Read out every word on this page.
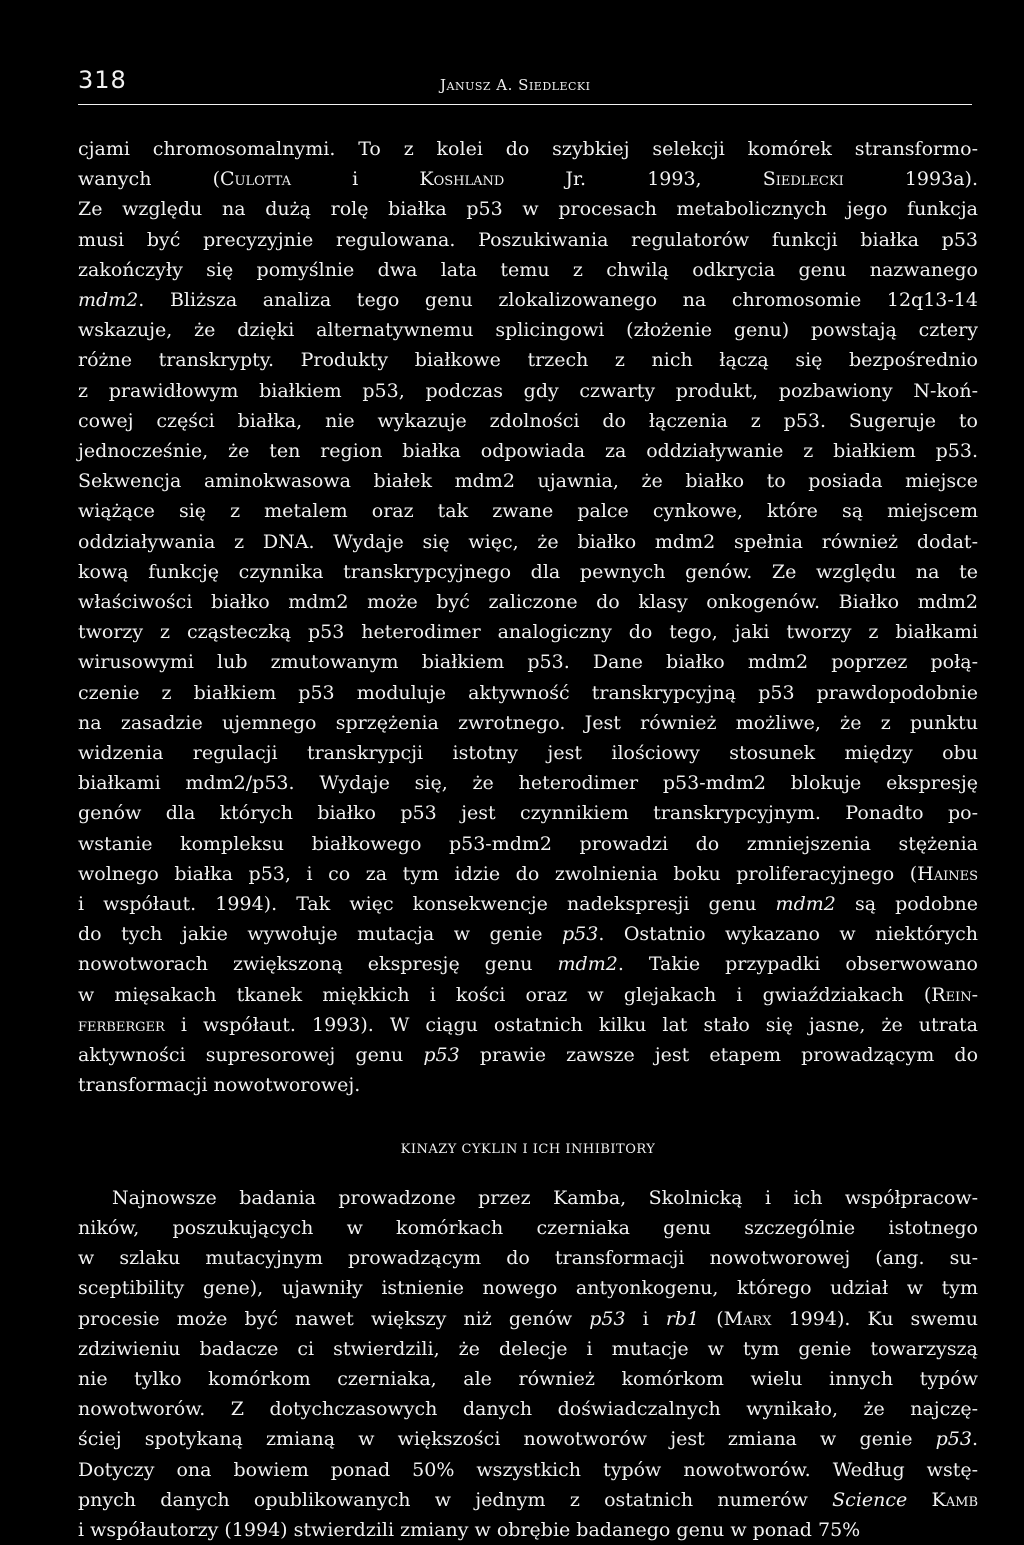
318	Janusz A. Siedlecki
cjami chromosomalnymi. To z kolei do szybkiej selekcji komórek stransformo-
wanych (Culotta i Koshland Jr. 1993, Siedlecki 1993a).
Ze względu na dużą rolę białka p53 w procesach metabolicznych jego funkcja
musi być precyzyjnie regulowana. Poszukiwania regulatorów funkcji białka p53
zakończyły się pomyślnie dwa lata temu z chwilą odkrycia genu nazwanego
mdm2. Bliższa analiza tego genu zlokalizowanego na chromosomie 12q13-14
wskazuje, że dzięki alternatywnemu splicingowi (złożenie genu) powstają cztery
różne transkrypty. Produkty białkowe trzech z nich łączą się bezpośrednio
z prawidłowym białkiem p53, podczas gdy czwarty produkt, pozbawiony N-koń-
cowej części białka, nie wykazuje zdolności do łączenia z p53. Sugeruje to
jednocześnie, że ten region białka odpowiada za oddziaływanie z białkiem p53.
Sekwencja aminokwasowa białek mdm2 ujawnia, że białko to posiada miejsce
wiążące się z metalem oraz tak zwane palce cynkowe, które są miejscem
oddziaływania z DNA. Wydaje się więc, że białko mdm2 spełnia również dodat-
kową funkcję czynnika transkrypcyjnego dla pewnych genów. Ze względu na te
właściwości białko mdm2 może być zaliczone do klasy onkogenów. Białko mdm2
tworzy z cząsteczką p53 heterodimer analogiczny do tego, jaki tworzy z białkami
wirusowymi lub zmutowanym białkiem p53. Dane białko mdm2 poprzez połą-
czenie z białkiem p53 moduluje aktywność transkrypcyjną p53 prawdopodobnie
na zasadzie ujemnego sprzężenia zwrotnego. Jest również możliwe, że z punktu
widzenia regulacji transkrypcji istotny jest ilościowy stosunek między obu
białkami mdm2/p53. Wydaje się, że heterodimer p53-mdm2 blokuje ekspresję
genów dla których białko p53 jest czynnikiem transkrypcyjnym. Ponadto po-
wstanie kompleksu białkowego p53-mdm2 prowadzi do zmniejszenia stężenia
wolnego białka p53, i co za tym idzie do zwolnienia boku proliferacyjnego (Haines
i współaut. 1994). Tak więc konsekwencje nadekspresji genu mdm2 są podobne
do tych jakie wywołuje mutacja w genie p53. Ostatnio wykazano w niektórych
nowotworach zwiększoną ekspresję genu mdm2. Takie przypadki obserwowano
w mięsakach tkanek miękkich i kości oraz w glejakach i gwiaździakach (Rein-
ferberger i współaut. 1993). W ciągu ostatnich kilku lat stało się jasne, że utrata
aktywności supresorowej genu p53 prawie zawsze jest etapem prowadzącym do
transformacji nowotworowej.
KINAZY CYKLIN I ICH INHIBITORY
Najnowsze badania prowadzone przez Kamba, Skolnicką i ich współpracow-
ników, poszukujących w komórkach czerniaka genu szczególnie istotnego
w szlaku mutacyjnym prowadzącym do transformacji nowotworowej (ang. su-
sceptibility gene), ujawniły istnienie nowego antyonkogenu, którego udział w tym
procesie może być nawet większy niż genów p53 i rb1 (Marx 1994). Ku swemu
zdziwieniu badacze ci stwierdzili, że delecje i mutacje w tym genie towarzyszą
nie tylko komórkom czerniaka, ale również komórkom wielu innych typów
nowotworów. Z dotychczasowych danych doświadczalnych wynikało, że najczę-
ściej spotykaną zmianą w większości nowotworów jest zmiana w genie p53.
Dotyczy ona bowiem ponad 50% wszystkich typów nowotworów. Według wstę-
pnych danych opublikowanych w jednym z ostatnich numerów Science Kamb
i współautorzy (1994) stwierdzili zmiany w obrębie badanego genu w ponad 75%
